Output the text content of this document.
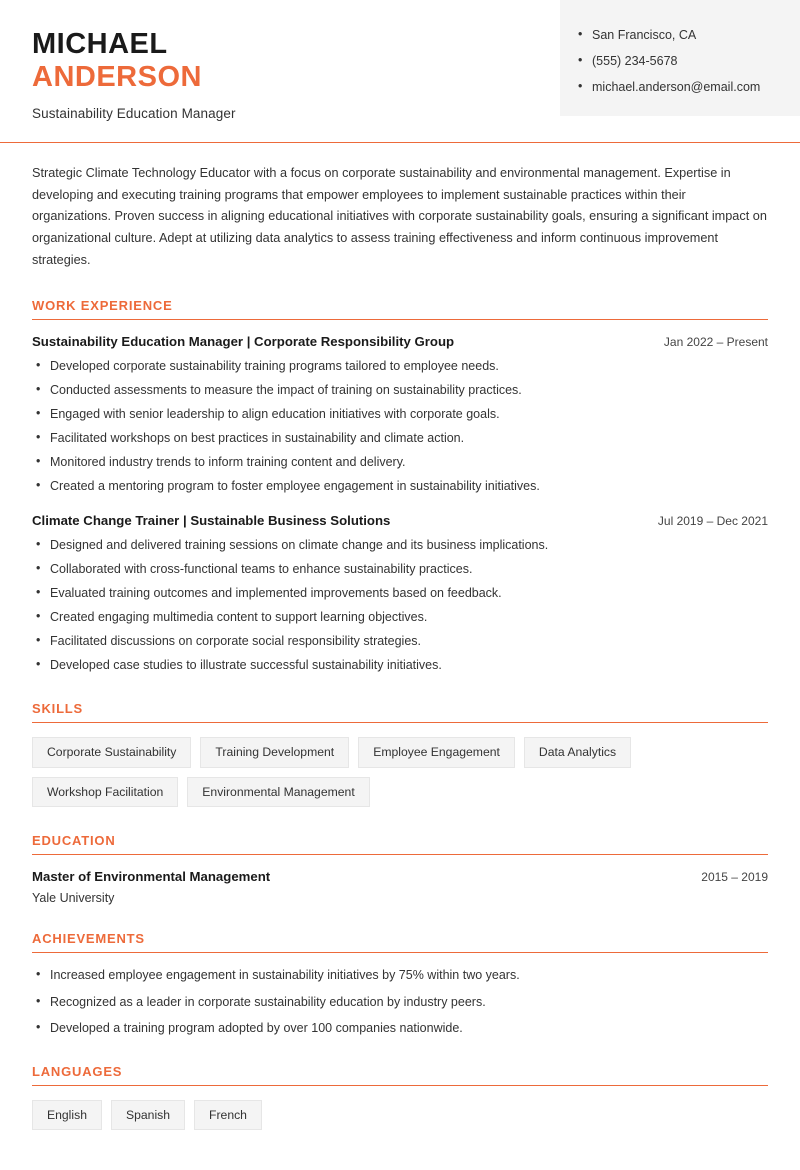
MICHAEL
ANDERSON
Sustainability Education Manager
• San Francisco, CA
• (555) 234-5678
• michael.anderson@email.com

Strategic Climate Technology Educator with a focus on corporate sustainability and environmental management. Expertise in developing and executing training programs that empower employees to implement sustainable practices within their organizations. Proven success in aligning educational initiatives with corporate sustainability goals, ensuring a significant impact on organizational culture. Adept at utilizing data analytics to assess training effectiveness and inform continuous improvement strategies.

WORK EXPERIENCE
Sustainability Education Manager | Corporate Responsibility Group	Jan 2022 – Present
• Developed corporate sustainability training programs tailored to employee needs.
• Conducted assessments to measure the impact of training on sustainability practices.
• Engaged with senior leadership to align education initiatives with corporate goals.
• Facilitated workshops on best practices in sustainability and climate action.
• Monitored industry trends to inform training content and delivery.
• Created a mentoring program to foster employee engagement in sustainability initiatives.
Climate Change Trainer | Sustainable Business Solutions	Jul 2019 – Dec 2021
• Designed and delivered training sessions on climate change and its business implications.
• Collaborated with cross-functional teams to enhance sustainability practices.
• Evaluated training outcomes and implemented improvements based on feedback.
• Created engaging multimedia content to support learning objectives.
• Facilitated discussions on corporate social responsibility strategies.
• Developed case studies to illustrate successful sustainability initiatives.
SKILLS
Corporate Sustainability	Training Development	Employee Engagement	Data Analytics
Workshop Facilitation	Environmental Management
EDUCATION
Master of Environmental Management	2015 – 2019
Yale University
ACHIEVEMENTS
• Increased employee engagement in sustainability initiatives by 75% within two years.
• Recognized as a leader in corporate sustainability education by industry peers.
• Developed a training program adopted by over 100 companies nationwide.
LANGUAGES
English	Spanish	French
